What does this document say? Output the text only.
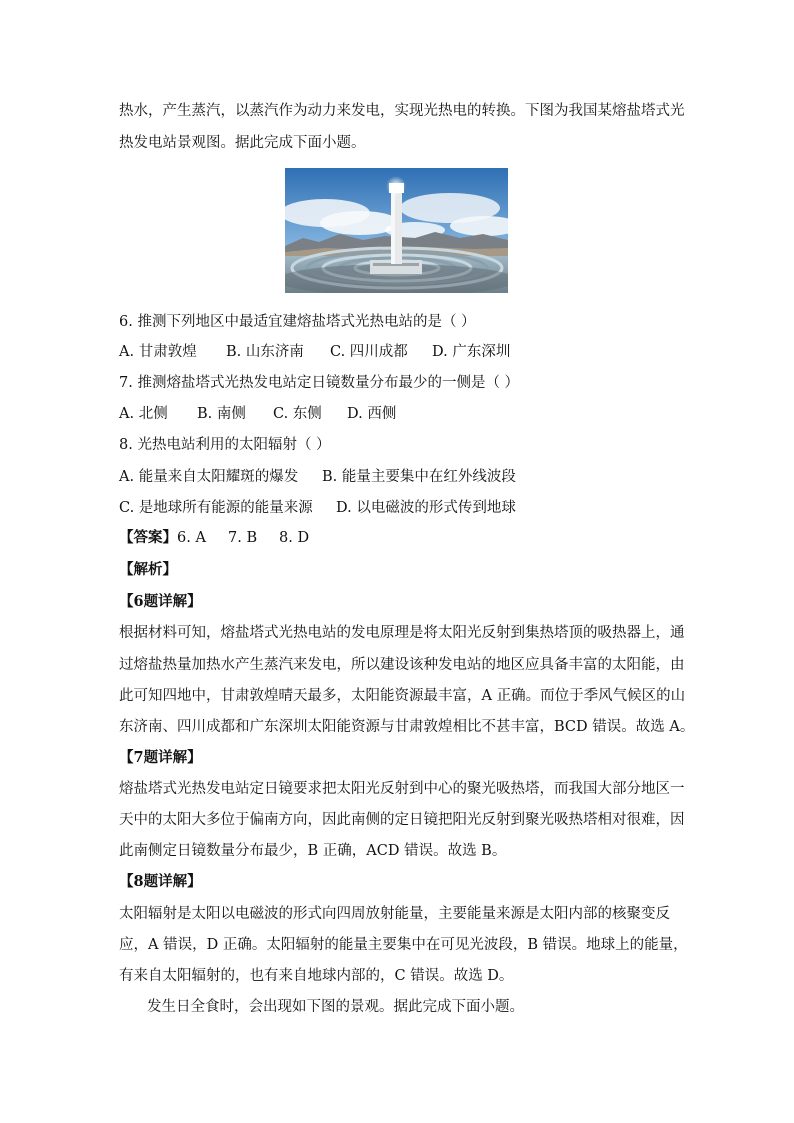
热水，产生蒸汽，以蒸汽作为动力来发电，实现光热电的转换。下图为我国某熔盐塔式光
热发电站景观图。据此完成下面小题。
6. 推测下列地区中最适宜建熔盐塔式光热电站的是（ ）
A. 甘肃敦煌 B. 山东济南 C. 四川成都 D. 广东深圳
7. 推测熔盐塔式光热发电站定日镜数量分布最少的一侧是（ ）
A. 北侧 B. 南侧 C. 东侧 D. 西侧
8. 光热电站利用的太阳辐射（ ）
A. 能量来自太阳耀斑的爆发 B. 能量主要集中在红外线波段
C. 是地球所有能源的能量来源 D. 以电磁波的形式传到地球
【答案】 6. A 7. B 8. D
【解析】
【6题详解】
根据材料可知，熔盐塔式光热电站的发电原理是将太阳光反射到集热塔顶的吸热器上，通
过熔盐热量加热水产生蒸汽来发电，所以建设该种发电站的地区应具备丰富的太阳能，由
此可知四地中，甘肃敦煌晴天最多，太阳能资源最丰富，A 正确。而位于季风气候区的山
东济南、四川成都和广东深圳太阳能资源与甘肃敦煌相比不甚丰富，BCD 错误。故选 A。
【7题详解】
熔盐塔式光热发电站定日镜要求把太阳光反射到中心的聚光吸热塔，而我国大部分地区一
天中的太阳大多位于偏南方向，因此南侧的定日镜把阳光反射到聚光吸热塔相对很难，因
此南侧定日镜数量分布最少，B 正确，ACD 错误。故选 B。
【8题详解】
太阳辐射是太阳以电磁波的形式向四周放射能量，主要能量来源是太阳内部的核聚变反
应，A 错误，D 正确。太阳辐射的能量主要集中在可见光波段，B 错误。地球上的能量，
有来自太阳辐射的，也有来自地球内部的，C 错误。故选 D。
发生日全食时，会出现如下图的景观。据此完成下面小题。
